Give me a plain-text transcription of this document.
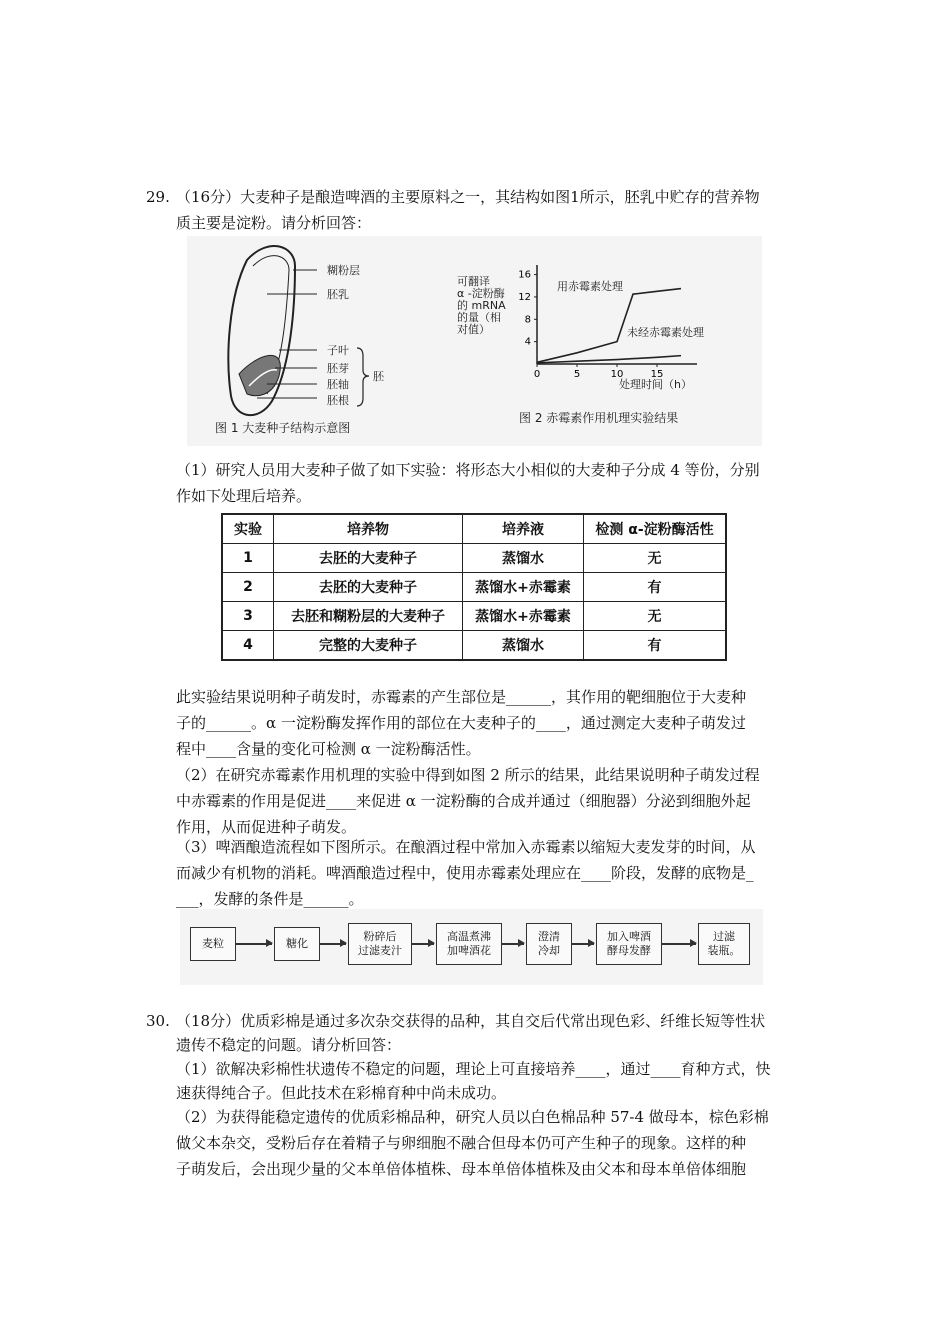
29. （16分）大麦种子是酿造啤酒的主要原料之一，其结构如图1所示，胚乳中贮存的营养物
质主要是淀粉。请分析回答：
糊粉层
胚乳
子叶
胚芽
胚轴
胚根
胚
图 1 大麦种子结构示意图
可翻译
α -淀粉酶
的 mRNA
的量（相
对值）
0	5	10	15
4
8
12
16
用赤霉素处理
未经赤霉素处理
处理时间（h）
图 2 赤霉素作用机理实验结果
（1）研究人员用大麦种子做了如下实验：将形态大小相似的大麦种子分成 4 等份，分别
作如下处理后培养。
实验	培养物	培养液	检测 α-淀粉酶活性
1	去胚的大麦种子	蒸馏水	无
2	去胚的大麦种子	蒸馏水+赤霉素	有
3	去胚和糊粉层的大麦种子	蒸馏水+赤霉素	无
4	完整的大麦种子	蒸馏水	有
此实验结果说明种子萌发时，赤霉素的产生部位是______，其作用的靶细胞位于大麦种
子的______。α 一淀粉酶发挥作用的部位在大麦种子的____，通过测定大麦种子萌发过
程中____含量的变化可检测 α 一淀粉酶活性。
（2）在研究赤霉素作用机理的实验中得到如图 2 所示的结果，此结果说明种子萌发过程
中赤霉素的作用是促进____来促进 α 一淀粉酶的合成并通过（细胞器）分泌到细胞外起
作用，从而促进种子萌发。
（3）啤酒酿造流程如下图所示。在酿酒过程中常加入赤霉素以缩短大麦发芽的时间，从
而减少有机物的消耗。啤酒酿造过程中，使用赤霉素处理应在____阶段，发酵的底物是_
___，发酵的条件是______。
麦粒	糖化
粉碎后
过滤麦汁
高温煮沸
加啤酒花
澄清
冷却
加入啤酒
酵母发酵
过滤
装瓶。
30. （18分）优质彩棉是通过多次杂交获得的品种，其自交后代常出现色彩、纤维长短等性状
遗传不稳定的问题。请分析回答：
（1）欲解决彩棉性状遗传不稳定的问题，理论上可直接培养____，通过____育种方式，快
速获得纯合子。但此技术在彩棉育种中尚未成功。
（2）为获得能稳定遗传的优质彩棉品种，研究人员以白色棉品种 57-4 做母本，棕色彩棉
做父本杂交，受粉后存在着精子与卵细胞不融合但母本仍可产生种子的现象。这样的种
子萌发后，会出现少量的父本单倍体植株、母本单倍体植株及由父本和母本单倍体细胞
